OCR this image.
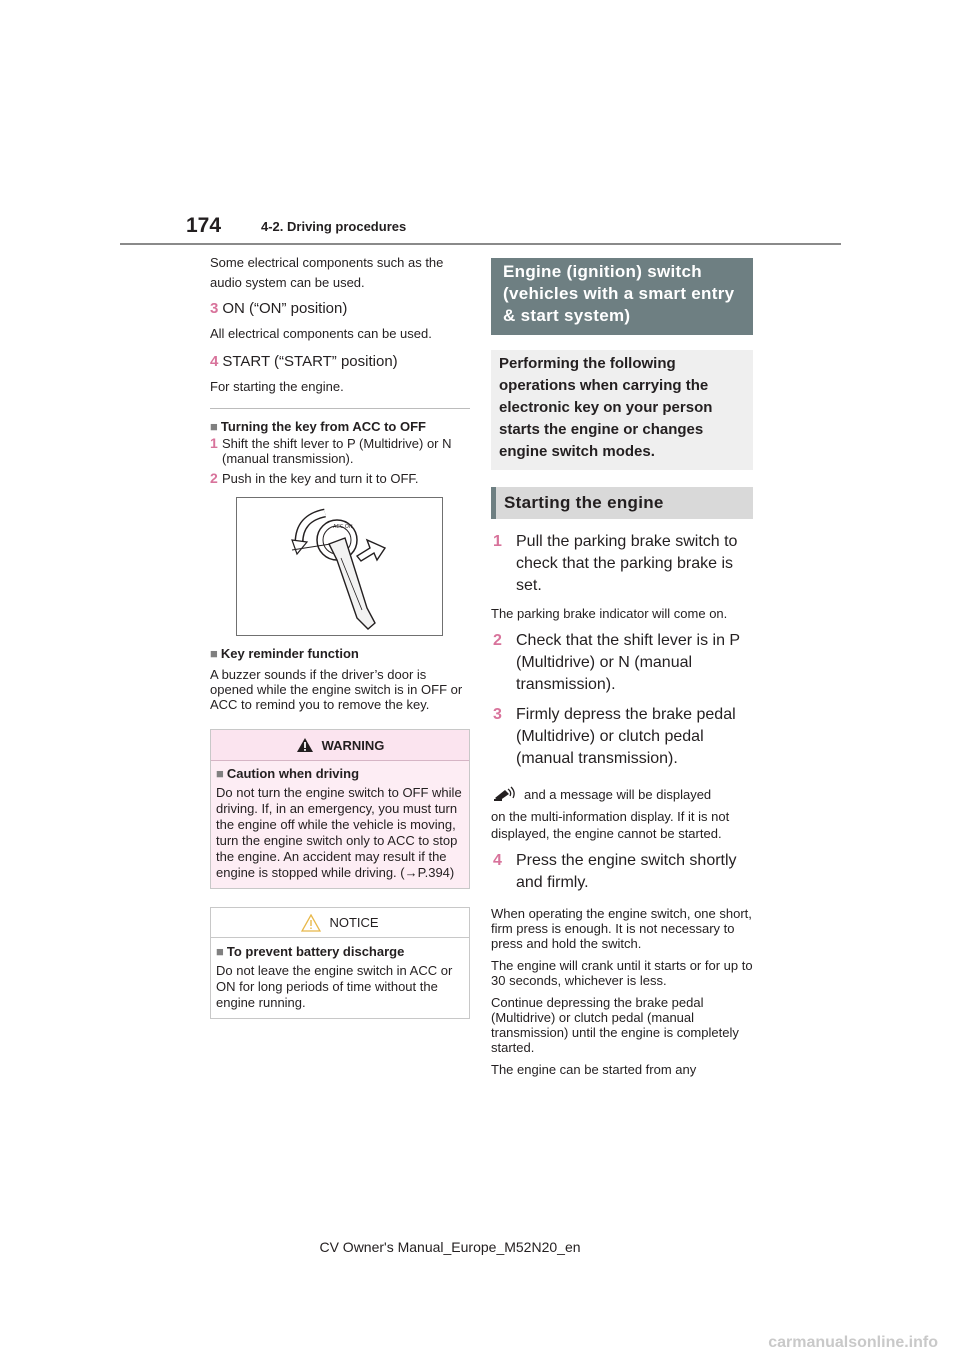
174	4-2. Driving procedures

Some electrical components such as the audio system can be used.

3 ON (“ON” position)

All electrical components can be used.

4 START (“START” position)

For starting the engine.

■ Turning the key from ACC to OFF

1 Shift the shift lever to P (Multidrive) or N (manual transmission).
2 Push in the key and turn it to OFF.
ACC ON

■ Key reminder function

A buzzer sounds if the driver’s door is opened while the engine switch is in OFF or ACC to remind you to remove the key.

WARNING

■ Caution when driving

Do not turn the engine switch to OFF while driving. If, in an emergency, you must turn the engine off while the vehicle is moving, turn the engine switch only to ACC to stop the engine. An accident may result if the engine is stopped while driving. (→P.394)

NOTICE

■ To prevent battery discharge

Do not leave the engine switch in ACC or ON for long periods of time without the engine running.

Engine (ignition) switch (vehicles with a smart entry & start system)
Performing the following operations when carrying the electronic key on your person starts the engine or changes engine switch modes.
Starting the engine
1 Pull the parking brake switch to check that the parking brake is set.

The parking brake indicator will come on.

2 Check that the shift lever is in P (Multidrive) or N (manual transmission).
3 Firmly depress the brake pedal (Multidrive) or clutch pedal (manual transmission).

and a message will be displayed

on the multi-information display. If it is not displayed, the engine cannot be started.

4 Press the engine switch shortly and firmly.

When operating the engine switch, one short, firm press is enough. It is not necessary to press and hold the switch.

The engine will crank until it starts or for up to 30 seconds, whichever is less.

Continue depressing the brake pedal (Multidrive) or clutch pedal (manual transmission) until the engine is completely started.

The engine can be started from any

CV Owner's Manual_Europe_M52N20_en
carmanualsonline.info
